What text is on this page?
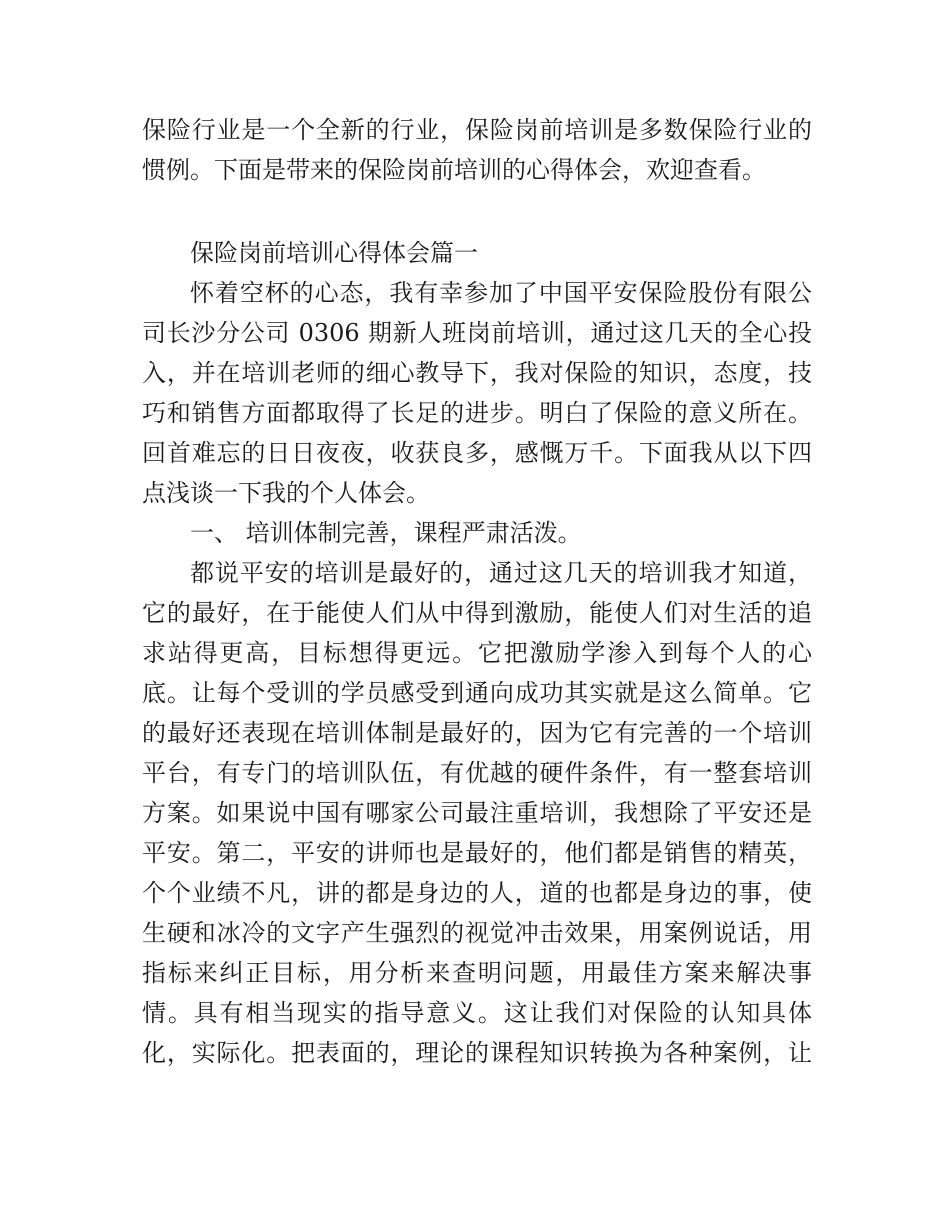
保险行业是一个全新的行业，保险岗前培训是多数保险行业的
惯例。下面是带来的保险岗前培训的心得体会，欢迎查看。
保险岗前培训心得体会篇一
怀着空杯的心态，我有幸参加了中国平安保险股份有限公
司长沙分公司 0306 期新人班岗前培训，通过这几天的全心投
入，并在培训老师的细心教导下，我对保险的知识，态度，技
巧和销售方面都取得了长足的进步。明白了保险的意义所在。
回首难忘的日日夜夜，收获良多，感慨万千。下面我从以下四
点浅谈一下我的个人体会。
一、 培训体制完善，课程严肃活泼。
都说平安的培训是最好的，通过这几天的培训我才知道，
它的最好，在于能使人们从中得到激励，能使人们对生活的追
求站得更高，目标想得更远。它把激励学渗入到每个人的心
底。让每个受训的学员感受到通向成功其实就是这么简单。它
的最好还表现在培训体制是最好的，因为它有完善的一个培训
平台，有专门的培训队伍，有优越的硬件条件，有一整套培训
方案。如果说中国有哪家公司最注重培训，我想除了平安还是
平安。第二，平安的讲师也是最好的，他们都是销售的精英，
个个业绩不凡，讲的都是身边的人，道的也都是身边的事，使
生硬和冰冷的文字产生强烈的视觉冲击效果，用案例说话，用
指标来纠正目标，用分析来查明问题，用最佳方案来解决事
情。具有相当现实的指导意义。这让我们对保险的认知具体
化，实际化。把表面的，理论的课程知识转换为各种案例，让
